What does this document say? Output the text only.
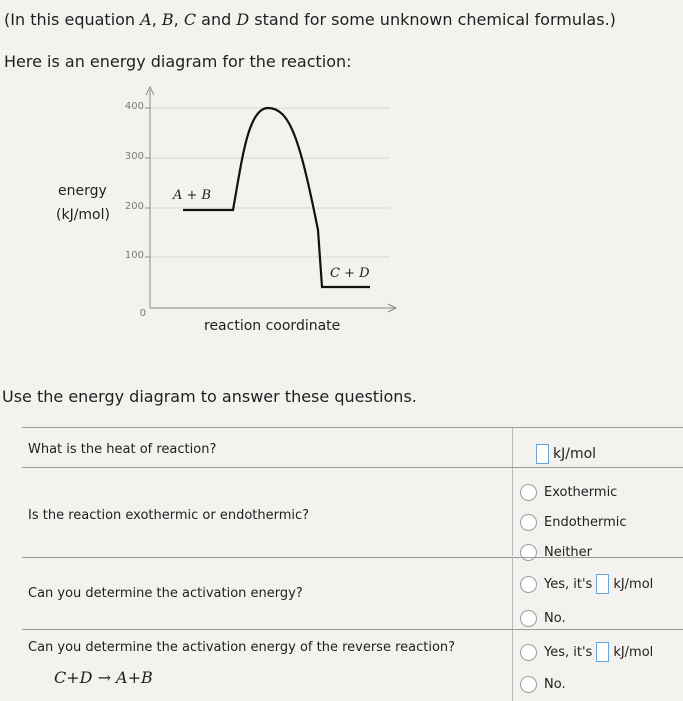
(In this equation A, B, C and D stand for some unknown chemical formulas.)
Here is an energy diagram for the reaction:
energy
(kJ/mol)
400
300
200
100
0
A + B
C + D
reaction coordinate
Use the energy diagram to answer these questions.
What is the heat of reaction?	kJ/mol
Is the reaction exothermic or endothermic?
Exothermic
Endothermic
Neither
Can you determine the activation energy?
Yes, it's kJ/mol
No.
Can you determine the activation energy of the reverse reaction?
C+D → A+B
Yes, it's kJ/mol
No.
